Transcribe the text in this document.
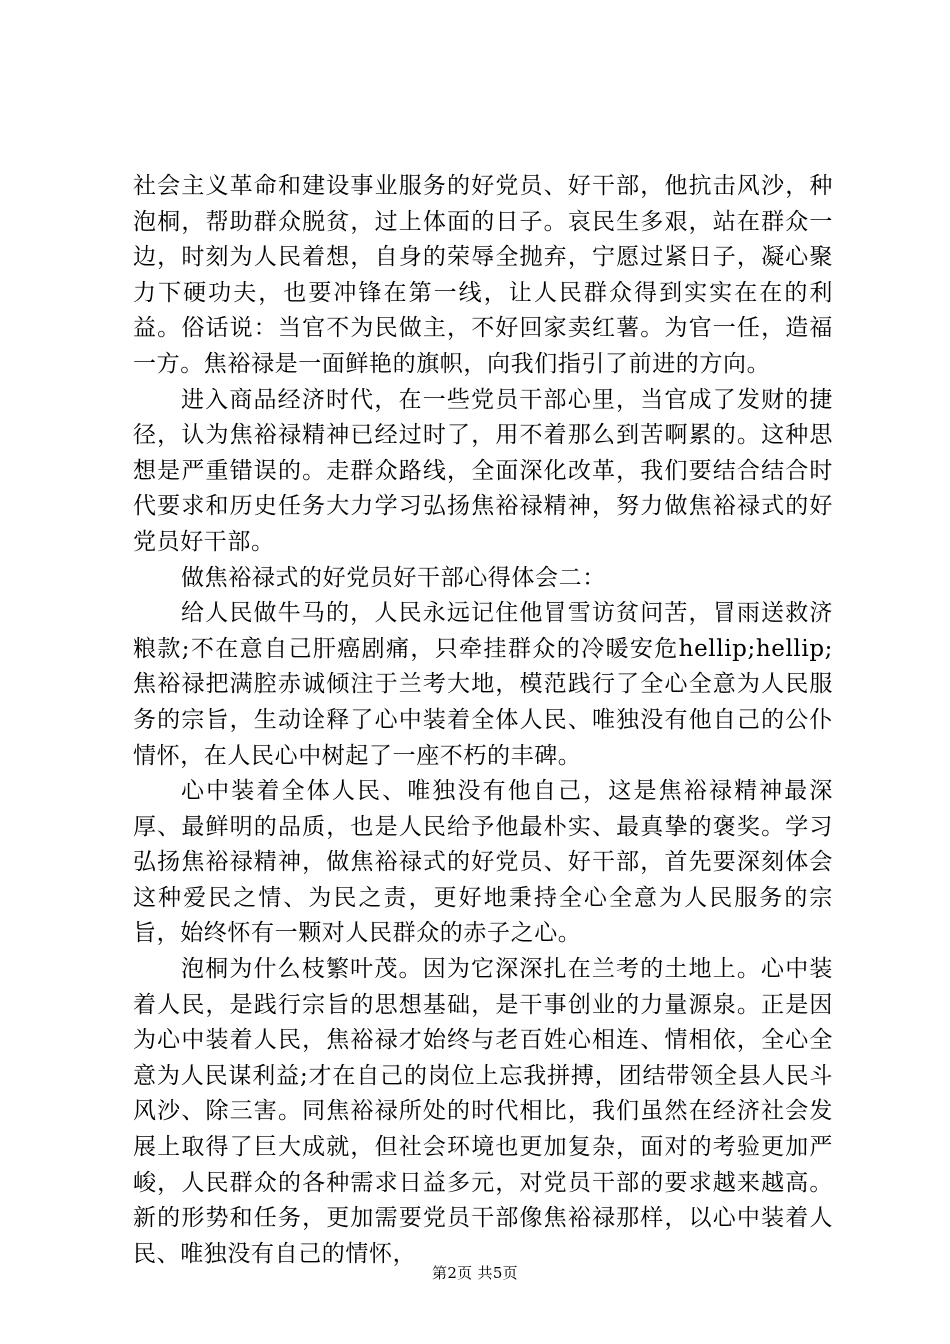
社会主义革命和建设事业服务的好党员、好干部，他抗击风沙，种泡桐，帮助群众脱贫，过上体面的日子。哀民生多艰，站在群众一边，时刻为人民着想，自身的荣辱全抛弃，宁愿过紧日子，凝心聚力下硬功夫，也要冲锋在第一线，让人民群众得到实实在在的利益。俗话说：当官不为民做主，不好回家卖红薯。为官一任，造福一方。焦裕禄是一面鲜艳的旗帜，向我们指引了前进的方向。

进入商品经济时代，在一些党员干部心里，当官成了发财的捷径，认为焦裕禄精神已经过时了，用不着那么到苦啊累的。这种思想是严重错误的。走群众路线，全面深化改革，我们要结合结合时代要求和历史任务大力学习弘扬焦裕禄精神，努力做焦裕禄式的好党员好干部。

做焦裕禄式的好党员好干部心得体会二：

给人民做牛马的，人民永远记住他冒雪访贫问苦，冒雨送救济粮款;不在意自己肝癌剧痛，只牵挂群众的冷暖安危hellip;hellip;焦裕禄把满腔赤诚倾注于兰考大地，模范践行了全心全意为人民服务的宗旨，生动诠释了心中装着全体人民、唯独没有他自己的公仆情怀，在人民心中树起了一座不朽的丰碑。

心中装着全体人民、唯独没有他自己，这是焦裕禄精神最深厚、最鲜明的品质，也是人民给予他最朴实、最真挚的褒奖。学习弘扬焦裕禄精神，做焦裕禄式的好党员、好干部，首先要深刻体会这种爱民之情、为民之责，更好地秉持全心全意为人民服务的宗旨，始终怀有一颗对人民群众的赤子之心。

泡桐为什么枝繁叶茂。因为它深深扎在兰考的土地上。心中装着人民，是践行宗旨的思想基础，是干事创业的力量源泉。正是因为心中装着人民，焦裕禄才始终与老百姓心相连、情相依，全心全意为人民谋利益;才在自己的岗位上忘我拼搏，团结带领全县人民斗风沙、除三害。同焦裕禄所处的时代相比，我们虽然在经济社会发展上取得了巨大成就，但社会环境也更加复杂，面对的考验更加严峻，人民群众的各种需求日益多元，对党员干部的要求越来越高。新的形势和任务，更加需要党员干部像焦裕禄那样，以心中装着人民、唯独没有自己的情怀，

第2页 共5页
